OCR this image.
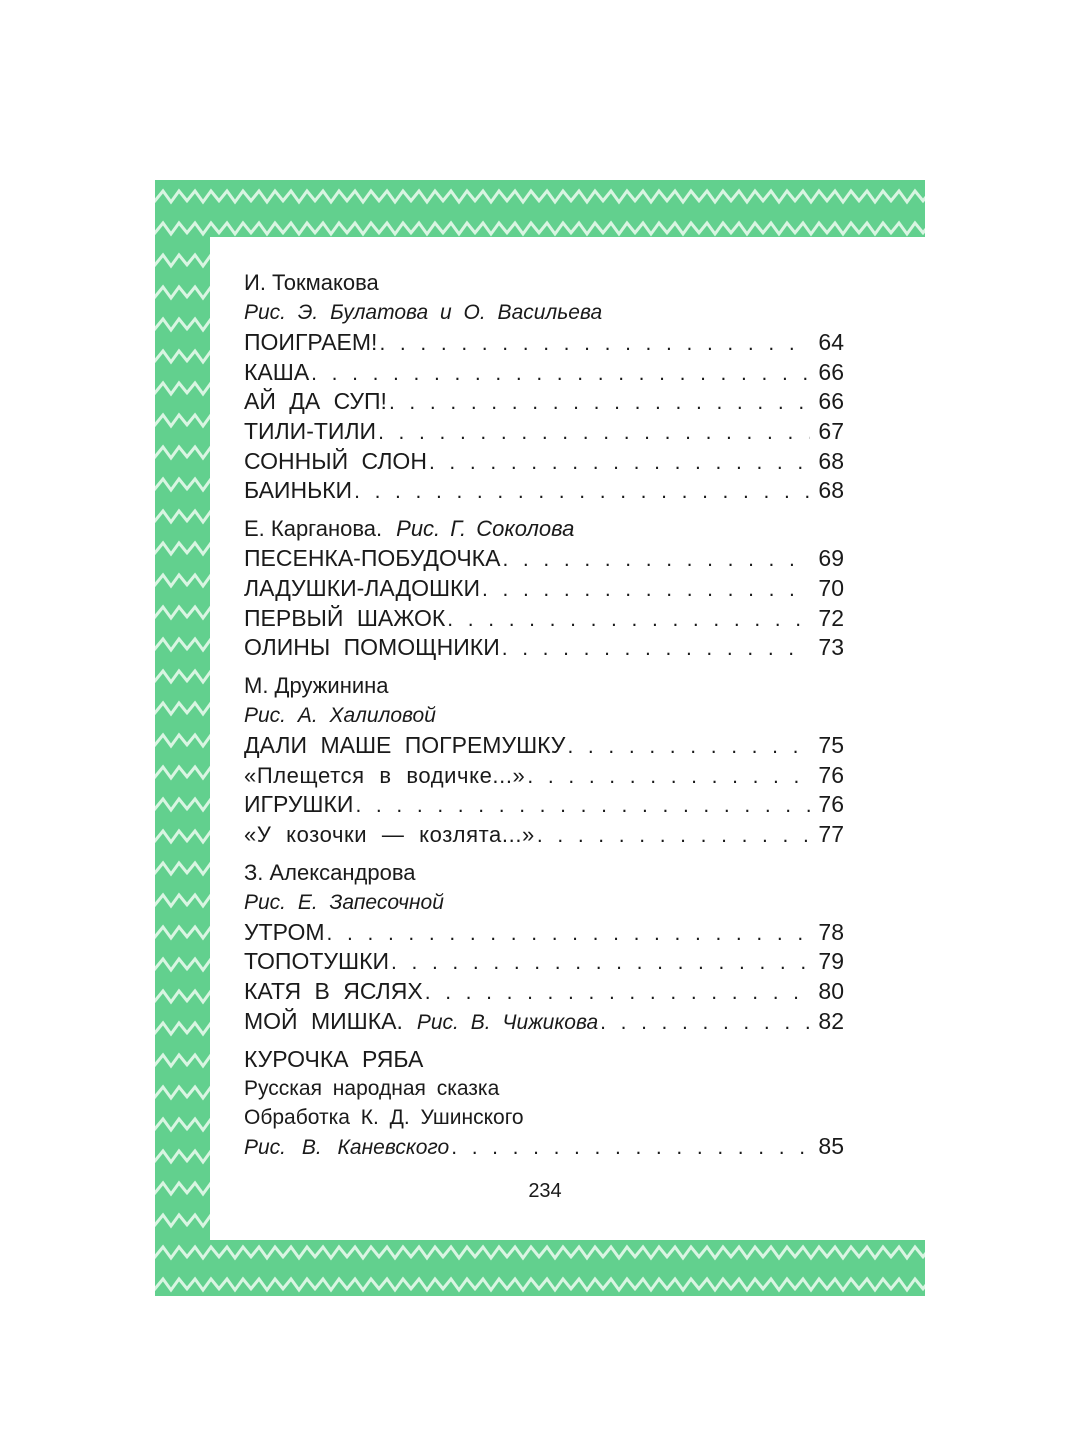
И. Токмакова
Рис. Э. Булатова и О. Васильева
ПОИГРАЕМ! . . .	64
КАША . . .	66
АЙ ДА СУП! . . .	66
ТИЛИ-ТИЛИ . . .	67
СОННЫЙ СЛОН . . .	68
БАИНЬКИ . . .	68
Е. Карганова. Рис. Г. Соколова
ПЕСЕНКА-ПОБУДОЧКА . . .	69
ЛАДУШКИ-ЛАДОШКИ . . .	70
ПЕРВЫЙ ШАЖОК . . .	72
ОЛИНЫ ПОМОЩНИКИ . . .	73
М. Дружинина
Рис. А. Халиловой
ДАЛИ МАШЕ ПОГРЕМУШКУ . . .	75
«Плещется в водичке...» . . .	76
ИГРУШКИ . . .	76
«У козочки — козлята...» . . .	77
З. Александрова
Рис. Е. Запесочной
УТРОМ . . .	78
ТОПОТУШКИ . . .	79
КАТЯ В ЯСЛЯХ . . .	80
МОЙ МИШКА. Рис. В. Чижикова . . .	82
КУРОЧКА РЯБА
Русская народная сказка
Обработка К. Д. Ушинского
Рис. В. Каневского . . .	85
234
